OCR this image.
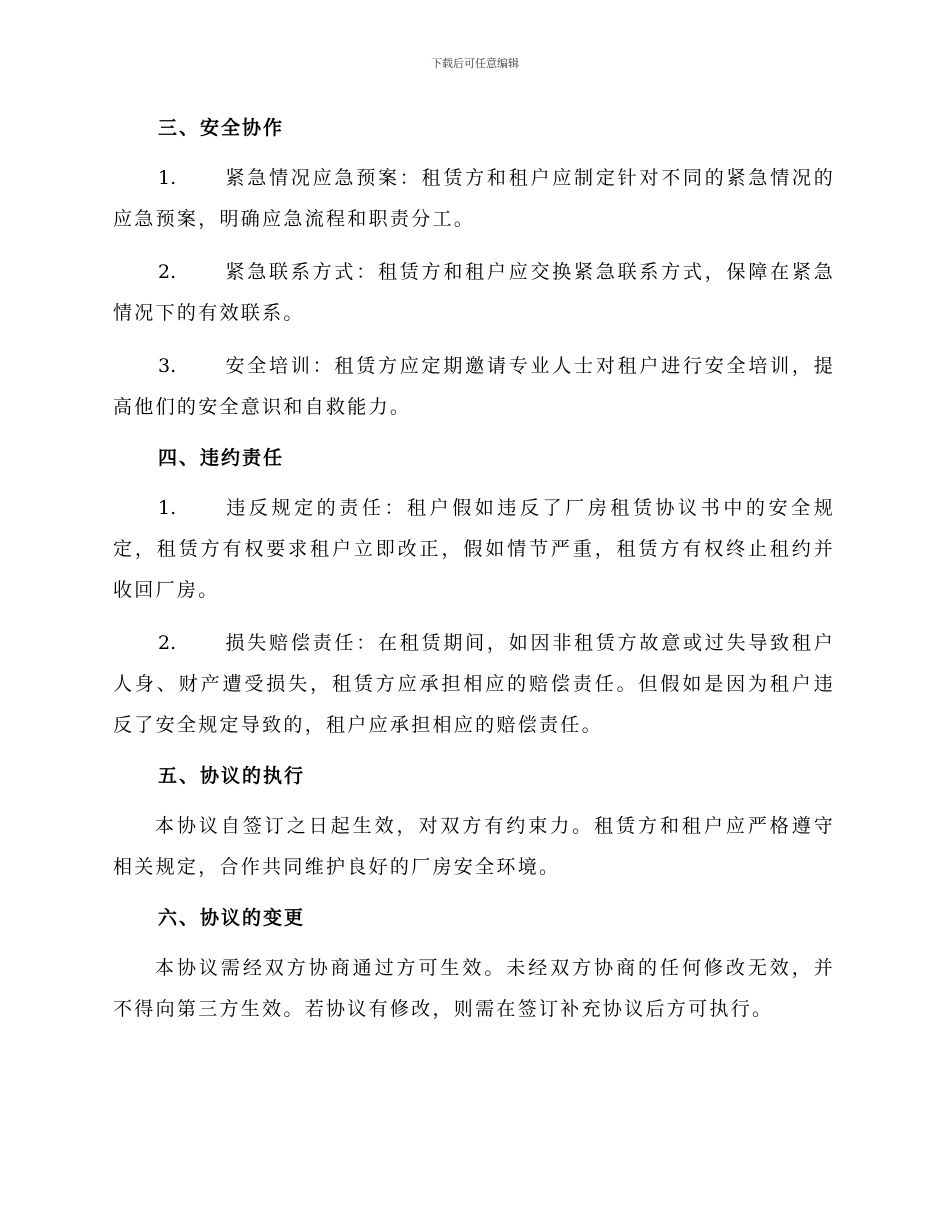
下载后可任意编辑
三、安全协作

1.	紧急情况应急预案：租赁方和租户应制定针对不同的紧急情况的应急预案，明确应急流程和职责分工。

2.	紧急联系方式：租赁方和租户应交换紧急联系方式，保障在紧急情况下的有效联系。

3.	安全培训：租赁方应定期邀请专业人士对租户进行安全培训，提高他们的安全意识和自救能力。

四、违约责任

1.	违反规定的责任：租户假如违反了厂房租赁协议书中的安全规定，租赁方有权要求租户立即改正，假如情节严重，租赁方有权终止租约并收回厂房。

2.	损失赔偿责任：在租赁期间，如因非租赁方故意或过失导致租户人身、财产遭受损失，租赁方应承担相应的赔偿责任。但假如是因为租户违反了安全规定导致的，租户应承担相应的赔偿责任。

五、协议的执行

本协议自签订之日起生效，对双方有约束力。租赁方和租户应严格遵守相关规定，合作共同维护良好的厂房安全环境。

六、协议的变更

本协议需经双方协商通过方可生效。未经双方协商的任何修改无效，并不得向第三方生效。若协议有修改，则需在签订补充协议后方可执行。
